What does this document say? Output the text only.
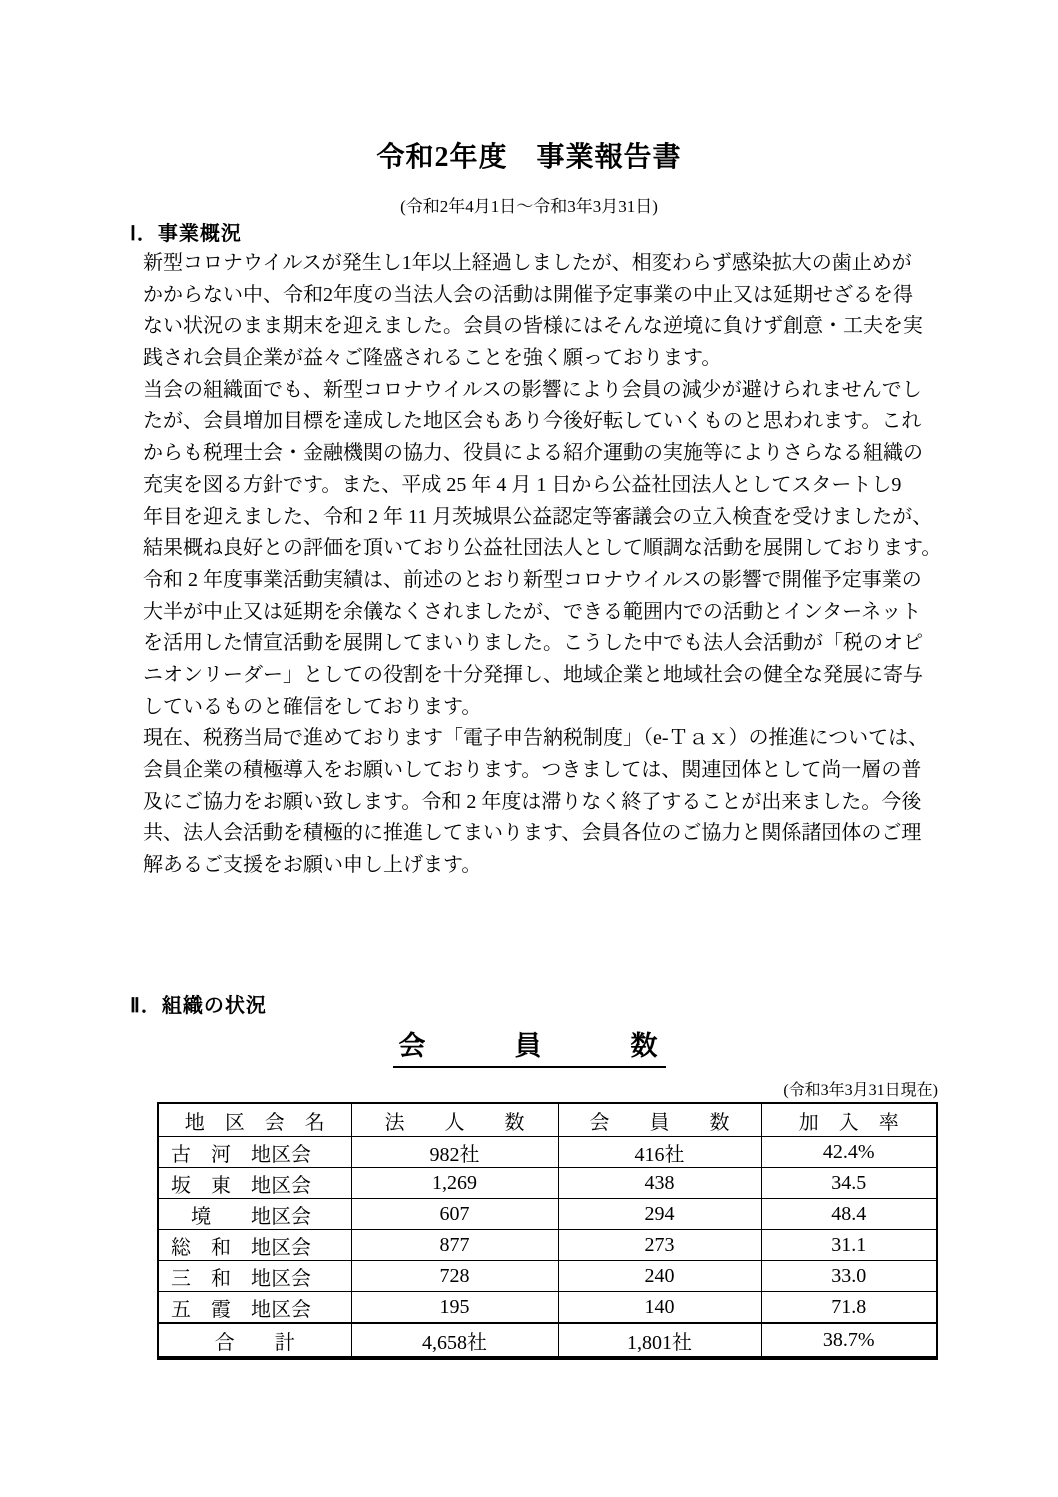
令和2年度　事業報告書
(令和2年4月1日～令和3年3月31日)
Ⅰ．事業概況
新型コロナウイルスが発生し1年以上経過しましたが、相変わらず感染拡大の歯止めが
かからない中、令和2年度の当法人会の活動は開催予定事業の中止又は延期せざるを得
ない状況のまま期末を迎えました。会員の皆様にはそんな逆境に負けず創意・工夫を実
践され会員企業が益々ご隆盛されることを強く願っております。
当会の組織面でも、新型コロナウイルスの影響により会員の減少が避けられませんでし
たが、会員増加目標を達成した地区会もあり今後好転していくものと思われます。これ
からも税理士会・金融機関の協力、役員による紹介運動の実施等によりさらなる組織の
充実を図る方針です。また、平成 25 年 4 月 1 日から公益社団法人としてスタートし9
年目を迎えました、令和 2 年 11 月茨城県公益認定等審議会の立入検査を受けましたが、
結果概ね良好との評価を頂いており公益社団法人として順調な活動を展開しております。
令和 2 年度事業活動実績は、前述のとおり新型コロナウイルスの影響で開催予定事業の
大半が中止又は延期を余儀なくされましたが、できる範囲内での活動とインターネット
を活用した情宣活動を展開してまいりました。こうした中でも法人会活動が「税のオピ
ニオンリーダー」としての役割を十分発揮し、地域企業と地域社会の健全な発展に寄与
しているものと確信をしております。
現在、税務当局で進めております「電子申告納税制度」（e-Ｔａｘ）の推進については、
会員企業の積極導入をお願いしております。つきましては、関連団体として尚一層の普
及にご協力をお願い致します。令和 2 年度は滞りなく終了することが出来ました。今後
共、法人会活動を積極的に推進してまいります、会員各位のご協力と関係諸団体のご理
解あるご支援をお願い申し上げます。
Ⅱ．組織の状況
会　　　員　　　数
(令和3年3月31日現在)
地　区　会　名	法　　人　　数	会　　員　　数	加　入　率
古　河　地区会	982社	416社	42.4%
坂　東　地区会	1,269	438	34.5
　境　　地区会	607	294	48.4
総　和　地区会	877	273	31.1
三　和　地区会	728	240	33.0
五　霞　地区会	195	140	71.8
合　　計	4,658社	1,801社	38.7%
